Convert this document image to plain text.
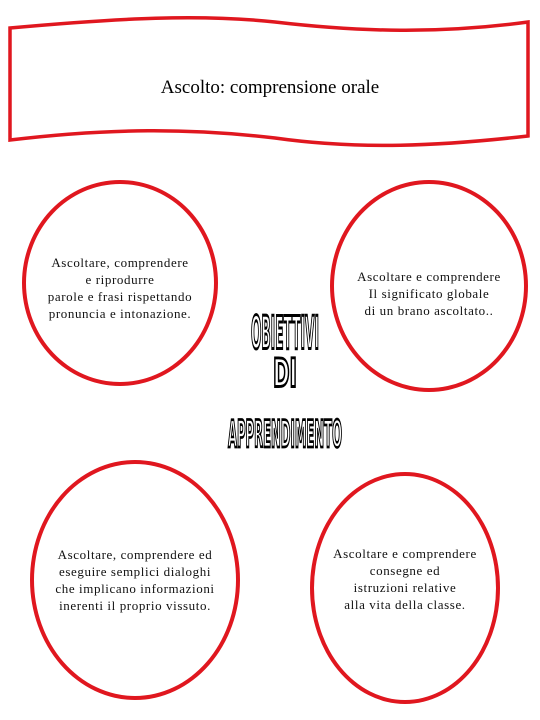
Ascolto: comprensione orale
Ascoltare, comprendere
e riprodurre
parole e frasi rispettando
pronuncia e intonazione.
Ascoltare e comprendere
Il significato globale
di un brano ascoltato..
Ascoltare, comprendere ed
eseguire semplici dialoghi
che implicano informazioni
inerenti il proprio vissuto.
Ascoltare e comprendere
consegne ed
istruzioni relative
alla vita della classe.
OBIETTIVI
DI
APPRENDIMENTO
